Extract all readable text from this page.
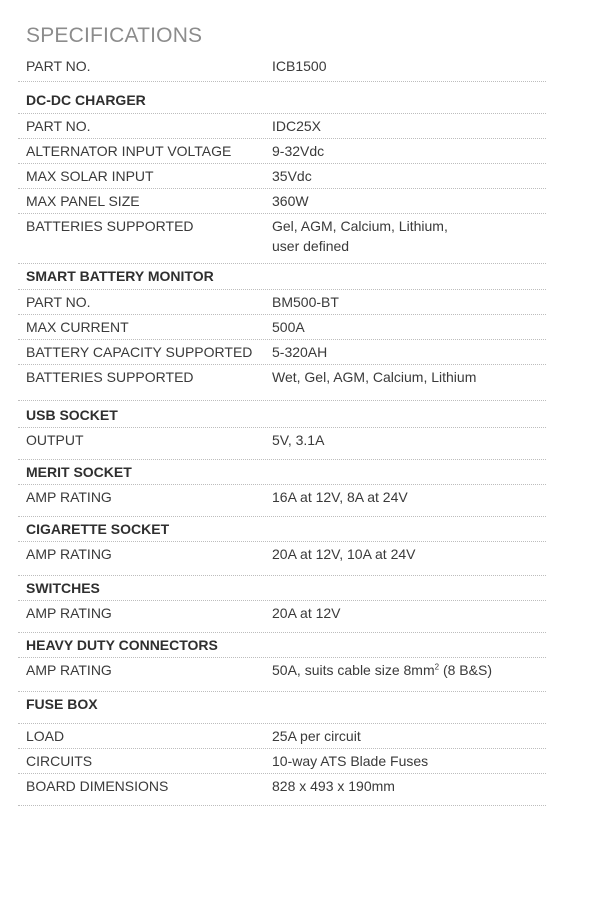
SPECIFICATIONS
PART NO.	ICB1500
DC-DC CHARGER
PART NO.	IDC25X
ALTERNATOR INPUT VOLTAGE	9-32Vdc
MAX SOLAR INPUT	35Vdc
MAX PANEL SIZE	360W
BATTERIES SUPPORTED	Gel, AGM, Calcium, Lithium,
user defined
SMART BATTERY MONITOR
PART NO.	BM500-BT
MAX CURRENT	500A
BATTERY CAPACITY SUPPORTED 5-320AH
BATTERIES SUPPORTED	Wet, Gel, AGM, Calcium, Lithium
USB SOCKET
OUTPUT	5V, 3.1A
MERIT SOCKET
AMP RATING	16A at 12V, 8A at 24V
CIGARETTE SOCKET
AMP RATING	20A at 12V, 10A at 24V
SWITCHES
AMP RATING	20A at 12V
HEAVY DUTY CONNECTORS
AMP RATING	50A, suits cable size $8mm^2$ (8 B&S)
FUSE BOX
LOAD	25A per circuit
CIRCUITS	10-way ATS Blade Fuses
BOARD DIMENSIONS	828 x 493 x 190mm
